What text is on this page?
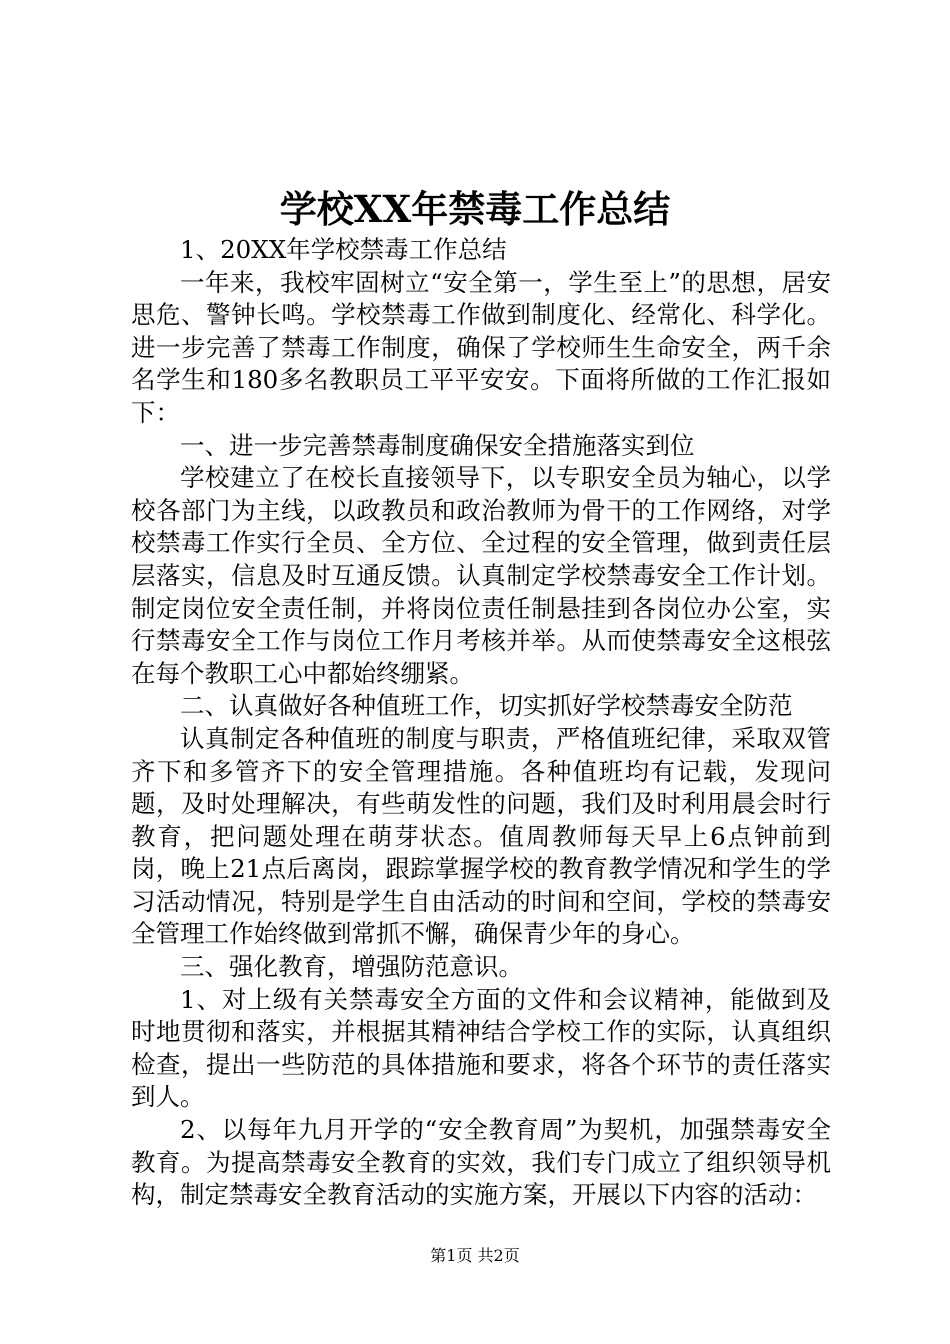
学校XX年禁毒工作总结

1、20XX年学校禁毒工作总结

一年来，我校牢固树立“安全第一，学生至上”的思想，居安思危、警钟长鸣。学校禁毒工作做到制度化、经常化、科学化。进一步完善了禁毒工作制度，确保了学校师生生命安全，两千余名学生和180多名教职员工平平安安。下面将所做的工作汇报如下：

一、进一步完善禁毒制度确保安全措施落实到位

学校建立了在校长直接领导下，以专职安全员为轴心，以学校各部门为主线，以政教员和政治教师为骨干的工作网络，对学校禁毒工作实行全员、全方位、全过程的安全管理，做到责任层层落实，信息及时互通反馈。认真制定学校禁毒安全工作计划。制定岗位安全责任制，并将岗位责任制悬挂到各岗位办公室，实行禁毒安全工作与岗位工作月考核并举。从而使禁毒安全这根弦在每个教职工心中都始终绷紧。

二、认真做好各种值班工作，切实抓好学校禁毒安全防范

认真制定各种值班的制度与职责，严格值班纪律，采取双管齐下和多管齐下的安全管理措施。各种值班均有记载，发现问题，及时处理解决，有些萌发性的问题，我们及时利用晨会时行教育，把问题处理在萌芽状态。值周教师每天早上6点钟前到岗，晚上21点后离岗，跟踪掌握学校的教育教学情况和学生的学习活动情况，特别是学生自由活动的时间和空间，学校的禁毒安全管理工作始终做到常抓不懈，确保青少年的身心。

三、强化教育，增强防范意识。

1、对上级有关禁毒安全方面的文件和会议精神，能做到及时地贯彻和落实，并根据其精神结合学校工作的实际，认真组织检查，提出一些防范的具体措施和要求，将各个环节的责任落实到人。

2、以每年九月开学的“安全教育周”为契机，加强禁毒安全教育。为提高禁毒安全教育的实效，我们专门成立了组织领导机构，制定禁毒安全教育活动的实施方案，开展以下内容的活动：

第1页 共2页
